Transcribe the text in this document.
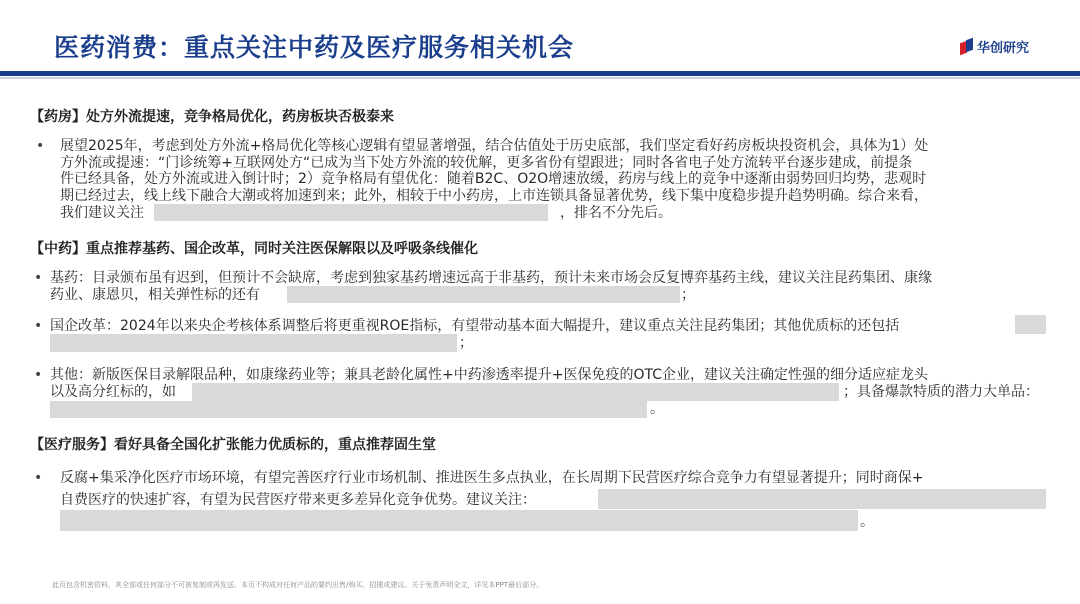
医药消费：重点关注中药及医疗服务相关机会	华创研究
【药房】处方外流提速，竞争格局优化，药房板块否极泰来
• 展望2025年，考虑到处方外流+格局优化等核心逻辑有望显著增强，结合估值处于历史底部，我们坚定看好药房板块投资机会，具体为1）处
方外流或提速：“门诊统筹+互联网处方“已成为当下处方外流的较优解，更多省份有望跟进；同时各省电子处方流转平台逐步建成，前提条
件已经具备，处方外流或进入倒计时；2）竞争格局有望优化：随着B2C、O2O增速放缓，药房与线上的竞争中逐渐由弱势回归均势，悲观时
期已经过去，线上线下融合大潮或将加速到来；此外，相较于中小药房，上市连锁具备显著优势，线下集中度稳步提升趋势明确。综合来看，
我们建议关注	，排名不分先后。
【中药】重点推荐基药、国企改革，同时关注医保解限以及呼吸条线催化
• 基药：目录颁布虽有迟到，但预计不会缺席，考虑到独家基药增速远高于非基药，预计未来市场会反复博弈基药主线，建议关注昆药集团、康缘
药业、康恩贝，相关弹性标的还有	；
• 国企改革：2024年以来央企考核体系调整后将更重视ROE指标，有望带动基本面大幅提升，建议重点关注昆药集团；其他优质标的还包括
；
• 其他：新版医保目录解限品种，如康缘药业等；兼具老龄化属性+中药渗透率提升+医保免疫的OTC企业，建议关注确定性强的细分适应症龙头
以及高分红标的，如	；具备爆款特质的潜力大单品：
。
【医疗服务】看好具备全国化扩张能力优质标的，重点推荐固生堂
• 反腐+集采净化医疗市场环境，有望完善医疗行业市场机制、推进医生多点执业，在长周期下民营医疗综合竞争力有望显著提升；同时商保+
自费医疗的快速扩容，有望为民营医疗带来更多差异化竞争优势。建议关注：
。
此页包含机密资料，其全部或任何部分不可被复制或再发送。本页不构成对任何产品的要约出售/购买、招揽或建议。关于免责声明全文，详见本PPT最后部分。
